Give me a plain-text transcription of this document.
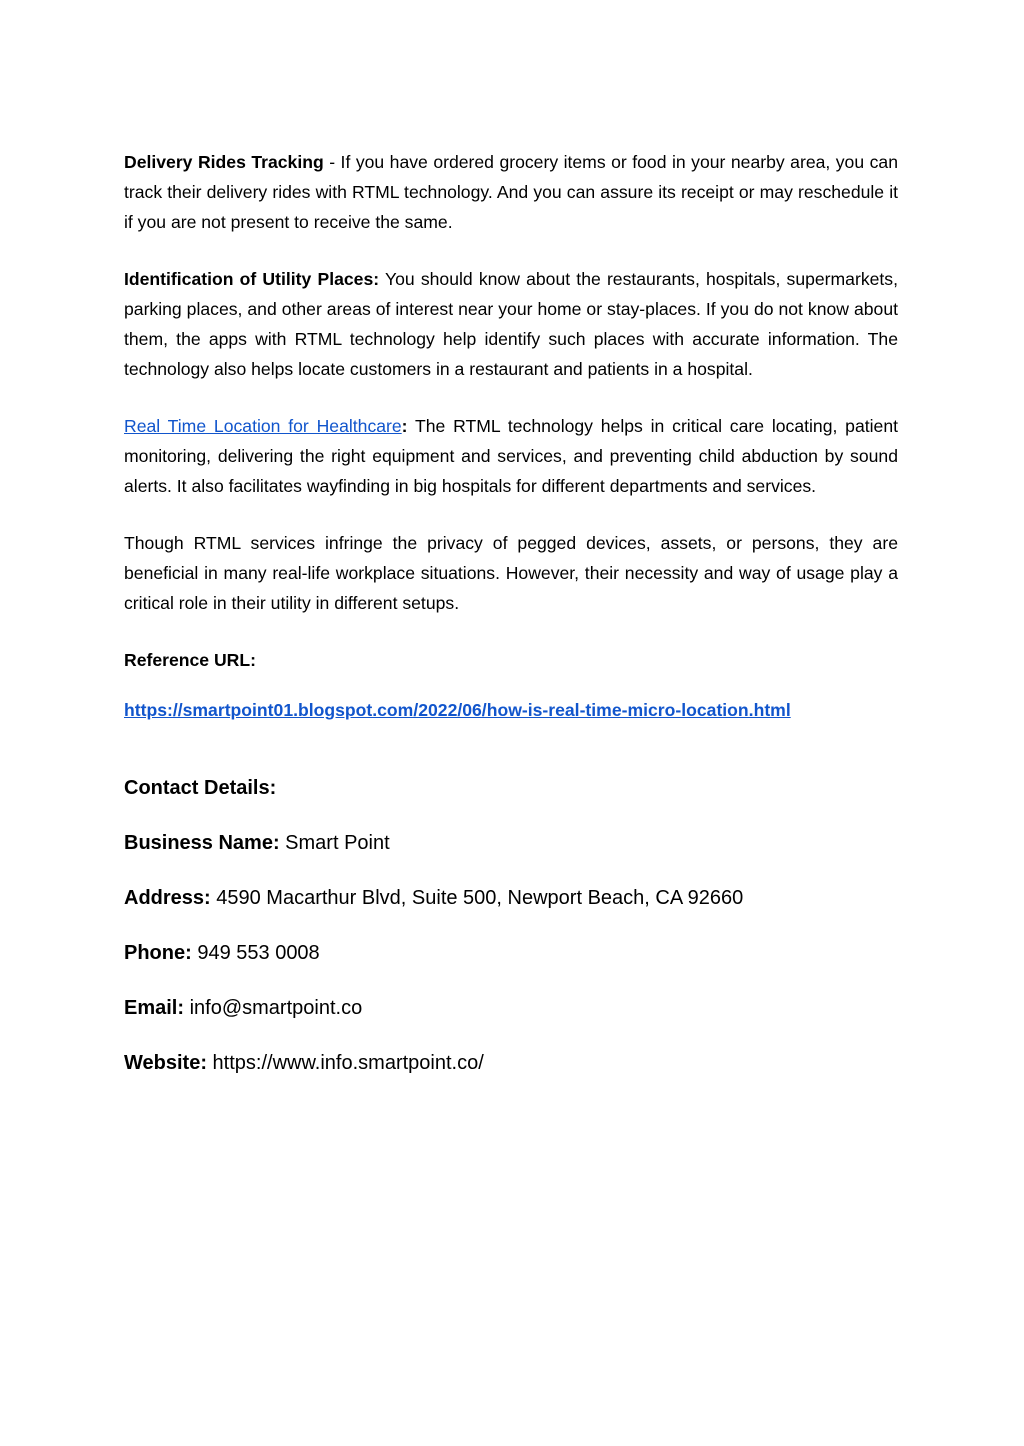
Delivery Rides Tracking - If you have ordered grocery items or food in your nearby area, you can track their delivery rides with RTML technology. And you can assure its receipt or may reschedule it if you are not present to receive the same.

Identification of Utility Places: You should know about the restaurants, hospitals, supermarkets, parking places, and other areas of interest near your home or stay-places. If you do not know about them, the apps with RTML technology help identify such places with accurate information. The technology also helps locate customers in a restaurant and patients in a hospital.

Real Time Location for Healthcare: The RTML technology helps in critical care locating, patient monitoring, delivering the right equipment and services, and preventing child abduction by sound alerts. It also facilitates wayfinding in big hospitals for different departments and services.

Though RTML services infringe the privacy of pegged devices, assets, or persons, they are beneficial in many real-life workplace situations. However, their necessity and way of usage play a critical role in their utility in different setups.

Reference URL:
https://smartpoint01.blogspot.com/2022/06/how-is-real-time-micro-location.html
Contact Details:
Business Name: Smart Point
Address: 4590 Macarthur Blvd, Suite 500, Newport Beach, CA 92660
Phone: 949 553 0008
Email: info@smartpoint.co
Website: https://www.info.smartpoint.co/
